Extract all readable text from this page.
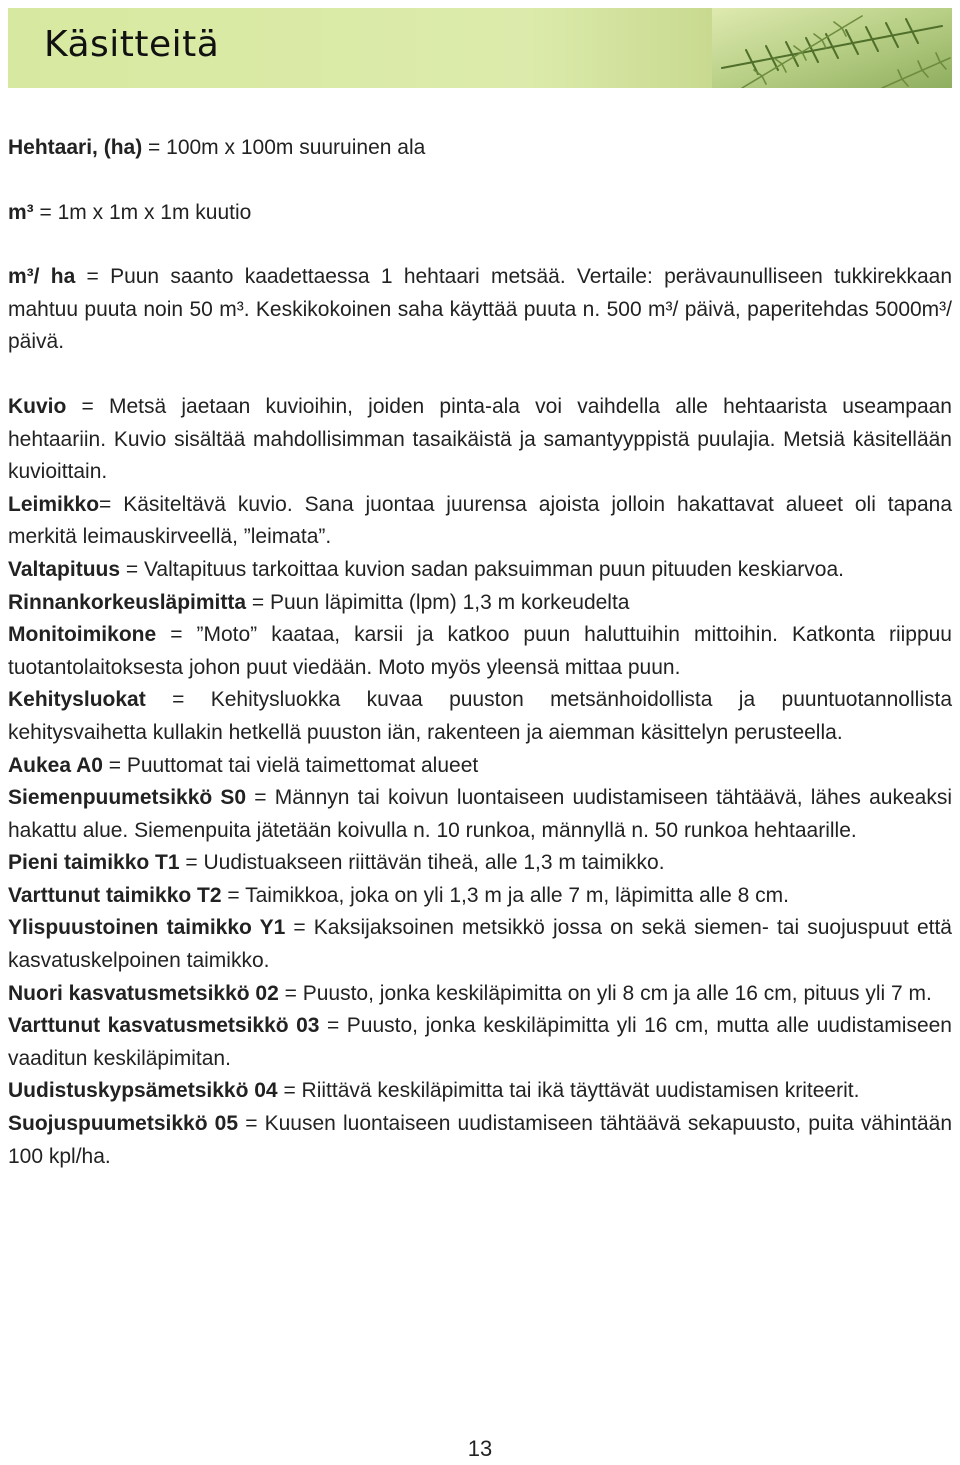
Käsitteitä

Hehtaari, (ha) = 100m x 100m suuruinen ala

m³ = 1m x 1m x 1m kuutio

m³/ ha = Puun saanto kaadettaessa 1 hehtaari metsää. Vertaile: perävaunulliseen tukkirekkaan mahtuu puuta noin 50 m³. Keskikokoinen saha käyttää puuta n. 500 m³/ päivä, paperitehdas 5000m³/ päivä.

Kuvio = Metsä jaetaan kuvioihin, joiden pinta-ala voi vaihdella alle hehtaarista useampaan hehtaariin. Kuvio sisältää mahdollisimman tasaikäistä ja samantyyppistä puulajia. Metsiä käsitellään kuvioittain.

Leimikko= Käsiteltävä kuvio. Sana juontaa juurensa ajoista jolloin hakattavat alueet oli tapana merkitä leimauskirveellä, ”leimata”.

Valtapituus = Valtapituus tarkoittaa kuvion sadan paksuimman puun pituuden keskiarvoa.

Rinnankorkeusläpimitta = Puun läpimitta (lpm) 1,3 m korkeudelta

Monitoimikone = ”Moto” kaataa, karsii ja katkoo puun haluttuihin mittoihin. Katkonta riippuu tuotantolaitoksesta johon puut viedään. Moto myös yleensä mittaa puun.

Kehitysluokat = Kehitysluokka kuvaa puuston metsänhoidollista ja puuntuotannollista kehitysvaihetta kullakin hetkellä puuston iän, rakenteen ja aiemman käsittelyn perusteella.

Aukea A0 = Puuttomat tai vielä taimettomat alueet

Siemenpuumetsikkö S0 = Männyn tai koivun luontaiseen uudistamiseen tähtäävä, lähes aukeaksi hakattu alue. Siemenpuita jätetään koivulla n. 10 runkoa, männyllä n. 50 runkoa hehtaarille.

Pieni taimikko T1 = Uudistuakseen riittävän tiheä, alle 1,3 m taimikko.

Varttunut taimikko T2 = Taimikkoa, joka on yli 1,3 m ja alle 7 m, läpimitta alle 8 cm.

Ylispuustoinen taimikko Y1 = Kaksijaksoinen metsikkö jossa on sekä siemen- tai suojuspuut että kasvatuskelpoinen taimikko.

Nuori kasvatusmetsikkö 02 = Puusto, jonka keskiläpimitta on yli 8 cm ja alle 16 cm, pituus yli 7 m.

Varttunut kasvatusmetsikkö 03 = Puusto, jonka keskiläpimitta yli 16 cm, mutta alle uudistamiseen vaaditun keskiläpimitan.

Uudistuskypsämetsikkö 04 = Riittävä keskiläpimitta tai ikä täyttävät uudistamisen kriteerit.

Suojuspuumetsikkö 05 = Kuusen luontaiseen uudistamiseen tähtäävä sekapuusto, puita vähintään 100 kpl/ha.

13
